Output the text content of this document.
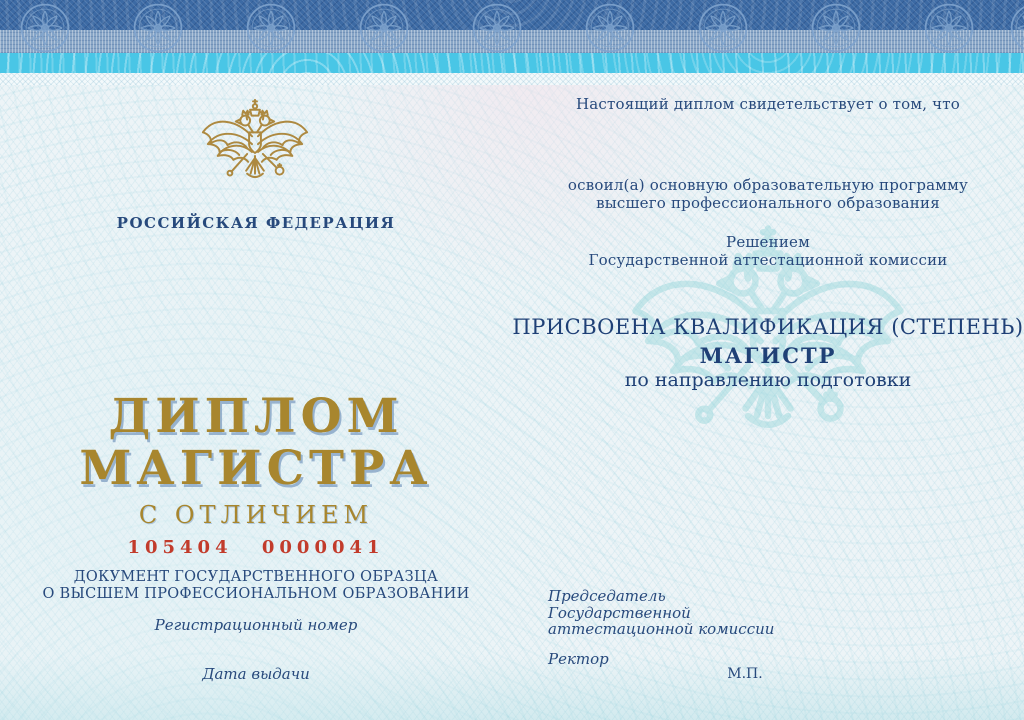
РОССИЙСКАЯ ФЕДЕРАЦИЯ
ДИПЛОМ
МАГИСТРА
С ОТЛИЧИЕМ
105404 0000041
ДОКУМЕНТ ГОСУДАРСТВЕННОГО ОБРАЗЦА
О ВЫСШЕМ ПРОФЕССИОНАЛЬНОМ ОБРАЗОВАНИИ
Регистрационный номер
Дата выдачи
Настоящий диплом свидетельствует о том, что
освоил(а) основную образовательную программу
высшего профессионального образования
Решением
Государственной аттестационной комиссии
ПРИСВОЕНА КВАЛИФИКАЦИЯ (СТЕПЕНЬ)
МАГИСТР
по направлению подготовки
Председатель
Государственной
аттестационной комиссии
Ректор
М.П.
